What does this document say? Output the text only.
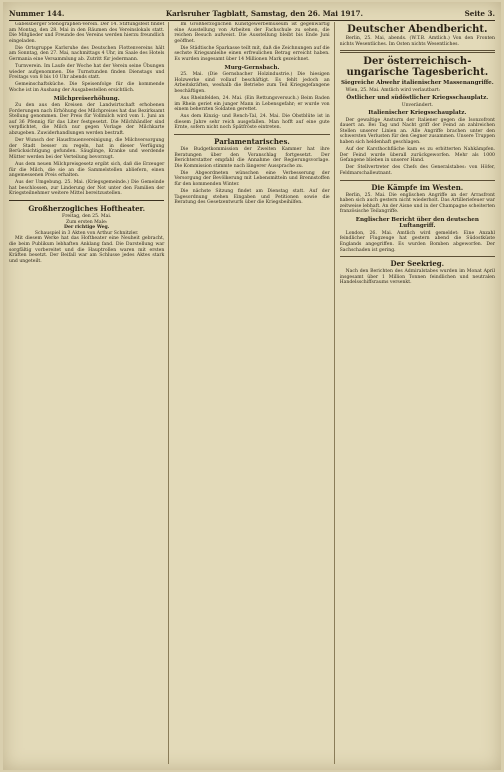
Nummer 144.	Karlsruher Tagblatt, Samstag, den 26. Mai 1917.	Seite 3.

Gabelsberger Stenographen-Verein. Der 14. Stiftungsfest findet am Montag, den 28. Mai in den Räumen des Vereinslokals statt. Die Mitglieder und Freunde des Vereins werden hierzu freundlich eingeladen.

Die Ortsgruppe Karlsruhe des Deutschen Flottenvereins hält am Sonntag, den 27. Mai, nachmittags 4 Uhr, im Saale des Hotels Germania eine Versammlung ab. Zutritt für jedermann.

Turnverein. Im Laufe der Woche hat der Verein seine Übungen wieder aufgenommen. Die Turnstunden finden Dienstags und Freitags von 8 bis 10 Uhr abends statt.

Gemeinschaftsküche. Die Speisenfolge für die kommende Woche ist im Aushang der Ausgabestellen ersichtlich.

Milchpreiserhöhung.

Zu den aus den Kreisen der Landwirtschaft erhobenen Forderungen nach Erhöhung des Milchpreises hat das Bezirksamt Stellung genommen. Der Preis für Vollmilch wird vom 1. Juni an auf 36 Pfennig für das Liter festgesetzt. Die Milchhändler sind verpflichtet, die Milch nur gegen Vorlage der Milchkarte abzugeben. Zuwiderhandlungen werden bestraft.

Der Wunsch der Hausfrauenvereinigung, die Milchversorgung der Stadt besser zu regeln, hat in dieser Verfügung Berücksichtigung gefunden. Säuglinge, Kranke und werdende Mütter werden bei der Verteilung bevorzugt.

Aus dem neuen Milchpreisgesetz ergibt sich, daß die Erzeuger für die Milch, die sie an die Sammelstellen abliefern, einen angemessenen Preis erhalten.

Aus der Umgebung. 25. Mai. (Kriegsgemeinde.) Die Gemeinde hat beschlossen, zur Linderung der Not unter den Familien der Kriegsteilnehmer weitere Mittel bereitzustellen.

Großherzogliches Hoftheater.
Freitag, den 25. Mai.
Zum ersten Male:
Der richtige Weg.
Schauspiel in 3 Akten von Arthur Schnitzler.

Mit diesem Werke hat das Hoftheater eine Neuheit gebracht, die beim Publikum lebhaften Anklang fand. Die Darstellung war sorgfältig vorbereitet und die Hauptrollen waren mit ersten Kräften besetzt. Der Beifall war am Schlusse jedes Aktes stark und ungeteilt.

Im Großherzoglichen Kunstgewerbemuseum ist gegenwärtig eine Ausstellung von Arbeiten der Fachschule zu sehen, die reichen Besuch aufweist. Die Ausstellung bleibt bis Ende Juni geöffnet.

Die Städtische Sparkasse teilt mit, daß die Zeichnungen auf die sechste Kriegsanleihe einen erfreulichen Betrag erreicht haben. Es wurden insgesamt über 14 Millionen Mark gezeichnet.

Murg-Gernsbach.

25. Mai. (Die Gernsbacher Holzindustrie.) Die hiesigen Holzwerke sind vollauf beschäftigt. Es fehlt jedoch an Arbeitskräften, weshalb die Betriebe zum Teil Kriegsgefangene beschäftigen.

Aus Rheinfelden, 24. Mai. (Ein Rettungsversuch.) Beim Baden im Rhein geriet ein junger Mann in Lebensgefahr; er wurde von einem beherzten Soldaten gerettet.

Aus dem Kinzig- und Rench-Tal, 24. Mai. Die Obstblüte ist in diesem Jahre sehr reich ausgefallen. Man hofft auf eine gute Ernte, sofern nicht noch Spätfröste eintreten.

Parlamentarisches.

Die Budgetkommission der Zweiten Kammer hat ihre Beratungen über den Voranschlag fortgesetzt. Der Berichterstatter empfahl die Annahme der Regierungsvorlage. Die Kommission stimmte nach längerer Aussprache zu.

Die Abgeordneten wünschen eine Verbesserung der Versorgung der Bevölkerung mit Lebensmitteln und Brennstoffen für den kommenden Winter.

Die nächste Sitzung findet am Dienstag statt. Auf der Tagesordnung stehen Eingaben und Petitionen sowie die Beratung des Gesetzentwurfs über die Kriegsbeihilfen.

Deutscher Abendbericht.

Berlin, 25. Mai, abends. (W.T.B. Amtlich.) Von den Fronten nichts Wesentliches. Im Osten nichts Wesentliches.

Der österreichisch-ungarische Tagesbericht.
Siegreiche Abwehr italienischer Massenangriffe.

Wien, 25. Mai. Amtlich wird verlautbart:

Östlicher und südöstlicher Kriegsschauplatz.
Unverändert.
Italienischer Kriegsschauplatz.

Der gewaltige Ansturm der Italiener gegen die Isonzofront dauert an. Bei Tag und Nacht griff der Feind an zahlreichen Stellen unserer Linien an. Alle Angriffe brachen unter den schwersten Verlusten für den Gegner zusammen. Unsere Truppen haben sich heldenhaft geschlagen.

Auf der Karsthochfläche kam es zu erbitterten Nahkämpfen. Der Feind wurde überall zurückgeworfen. Mehr als 1000 Gefangene blieben in unserer Hand.

Der Stellvertreter des Chefs des Generalstabes: von Höfer, Feldmarschalleutnant.

Die Kämpfe im Westen.

Berlin, 25. Mai. Die englischen Angriffe an der Arrasfront haben sich auch gestern nicht wiederholt. Das Artilleriefeuer war zeitweise lebhaft. An der Aisne und in der Champagne scheiterten französische Teilangriffe.

Englischer Bericht über den deutschen Luftangriff.

London, 26. Mai. Amtlich wird gemeldet: Eine Anzahl feindlicher Flugzeuge hat gestern abend die Südostküste Englands angegriffen. Es wurden Bomben abgeworfen. Der Sachschaden ist gering.

Der Seekrieg.

Nach den Berichten des Admiralstabes wurden im Monat April insgesamt über 1 Million Tonnen feindlichen und neutralen Handelsschiffsraums versenkt.
